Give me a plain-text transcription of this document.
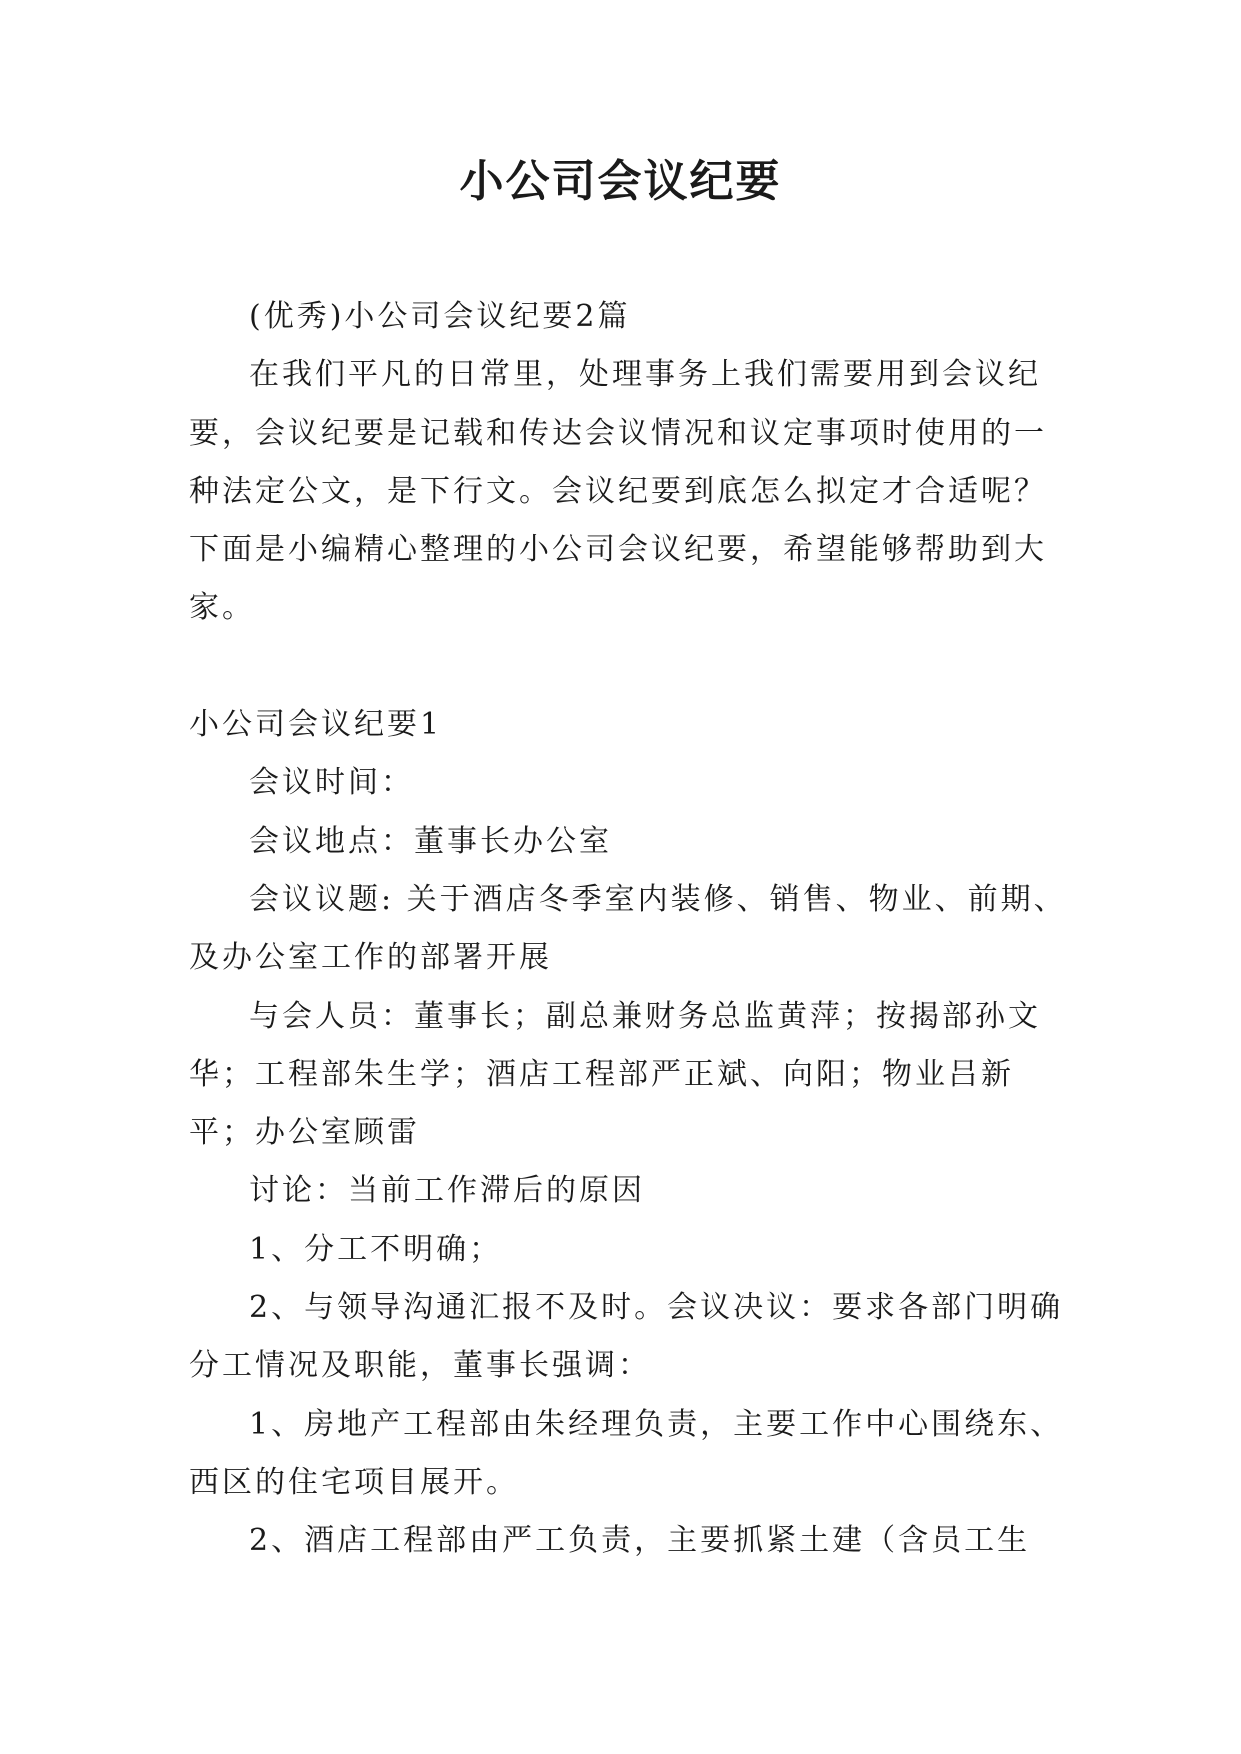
小公司会议纪要

(优秀)小公司会议纪要2篇

在我们平凡的日常里，处理事务上我们需要用到会议纪要，会议纪要是记载和传达会议情况和议定事项时使用的一种法定公文，是下行文。会议纪要到底怎么拟定才合适呢？下面是小编精心整理的小公司会议纪要，希望能够帮助到大家。

小公司会议纪要1

会议时间：

会议地点：董事长办公室

会议议题: 关于酒店冬季室内装修、销售、物业、前期、及办公室工作的部署开展

与会人员：董事长；副总兼财务总监黄萍；按揭部孙文华；工程部朱生学；酒店工程部严正斌、向阳；物业吕新平；办公室顾雷

讨论：当前工作滞后的原因

1、分工不明确；

2、与领导沟通汇报不及时。会议决议：要求各部门明确分工情况及职能，董事长强调：

1、房地产工程部由朱经理负责，主要工作中心围绕东、西区的住宅项目展开。

2、酒店工程部由严工负责，主要抓紧土建（含员工生
